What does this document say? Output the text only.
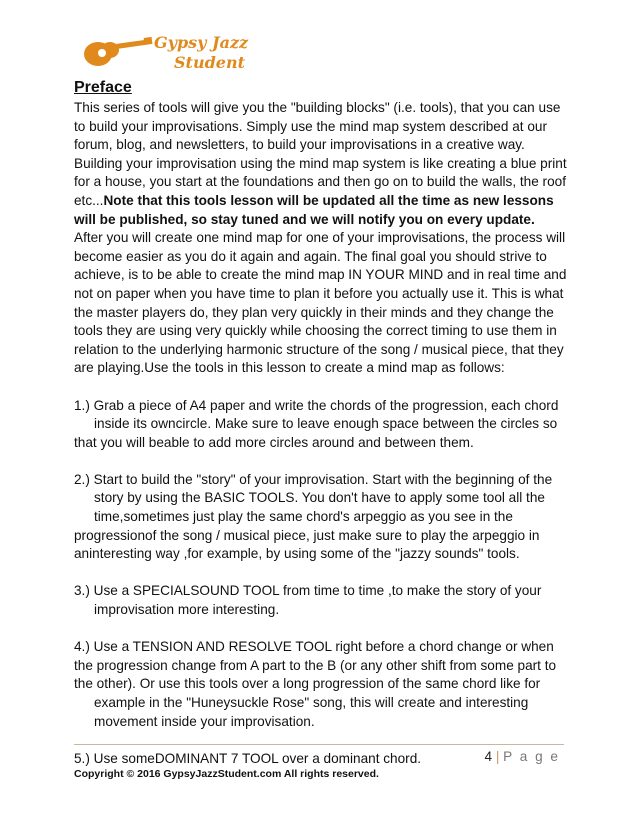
Gypsy Jazz
Student
Preface

This series of tools will give you the "building blocks" (i.e. tools), that you can use to build your improvisations. Simply use the mind map system described at our forum, blog, and newsletters, to build your improvisations in a creative way. Building your improvisation using the mind map system is like creating a blue print for a house, you start at the foundations and then go on to build the walls, the roof etc...Note that this tools lesson will be updated all the time as new lessons will be published, so stay tuned and we will notify you on every update.

After you will create one mind map for one of your improvisations, the process will become easier as you do it again and again. The final goal you should strive to achieve, is to be able to create the mind map IN YOUR MIND and in real time and not on paper when you have time to plan it before you actually use it. This is what the master players do, they plan very quickly in their minds and they change the tools they are using very quickly while choosing the correct timing to use them in relation to the underlying harmonic structure of the song / musical piece, that they are playing.Use the tools in this lesson to create a mind map as follows:

1.) Grab a piece of A4 paper and write the chords of the progression, each chord
inside its owncircle. Make sure to leave enough space between the circles so
that you will beable to add more circles around and between them.
2.) Start to build the "story" of your improvisation. Start with the beginning of the
story by using the BASIC TOOLS. You don't have to apply some tool all the time,sometimes just play the same chord's arpeggio as you see in the
progressionof the song / musical piece, just make sure to play the arpeggio in aninteresting way ,for example, by using some of the "jazzy sounds" tools.
3.) Use a SPECIALSOUND TOOL from time to time ,to make the story of your
improvisation more interesting.
4.) Use a TENSION AND RESOLVE TOOL right before a chord change or when the progression change from A part to the B (or any other shift from some part to the other). Or use this tools over a long progression of the same chord like for
example in the "Huneysuckle Rose" song, this will create and interesting movement inside your improvisation.
5.) Use someDOMINANT 7 TOOL over a dominant chord.	4 | P a g e
Copyright © 2016 GypsyJazzStudent.com All rights reserved.
